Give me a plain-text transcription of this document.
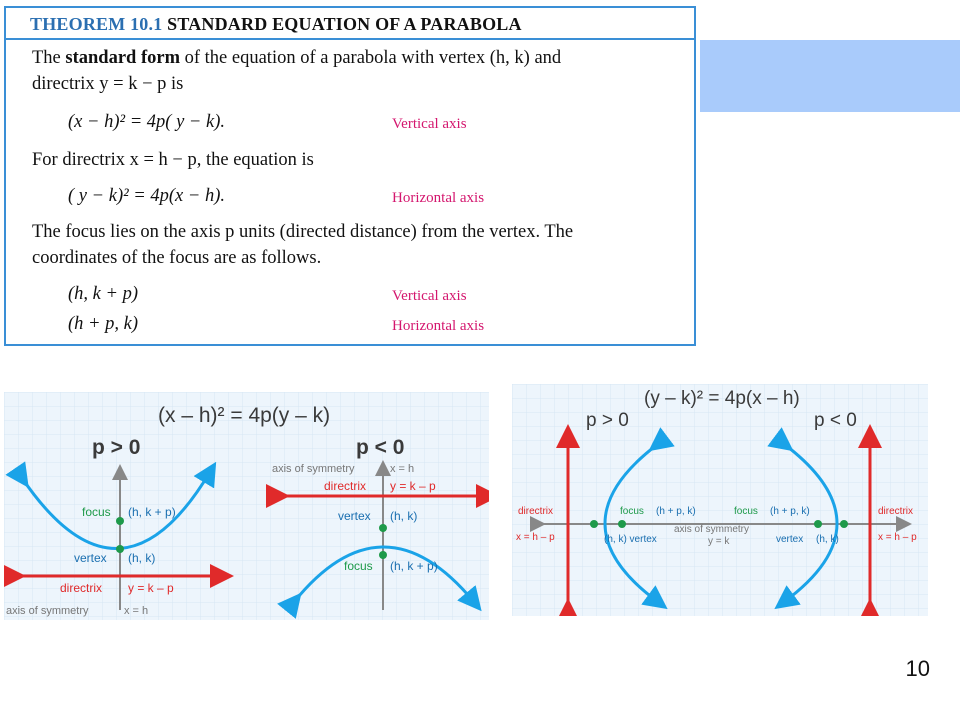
THEOREM 10.1 STANDARD EQUATION OF A PARABOLA
The standard form of the equation of a parabola with vertex (h, k) and
directrix y = k − p is
(x − h)² = 4p( y − k).	Vertical axis
For directrix x = h − p, the equation is
( y − k)² = 4p(x − h).	Horizontal axis
The focus lies on the axis p units (directed distance) from the vertex. The
coordinates of the focus are as follows.
(h, k + p)	Vertical axis
(h + p, k)	Horizontal axis
(x – h)² = 4p(y – k)
p > 0	p < 0
focus (h, k + p)
vertex (h, k)
directrix y = k – p
axis of symmetry	x = h
axis of symmetry	x = h
directrix y = k – p
vertex (h, k)
focus (h, k + p)
(y – k)² = 4p(x – h)
p > 0	p < 0
directrix
x = h – p
focus (h + p, k)
(h, k) vertex
axis of symmetry
y = k
focus (h + p, k)
vertex (h, k)
directrix
x = h – p
10
